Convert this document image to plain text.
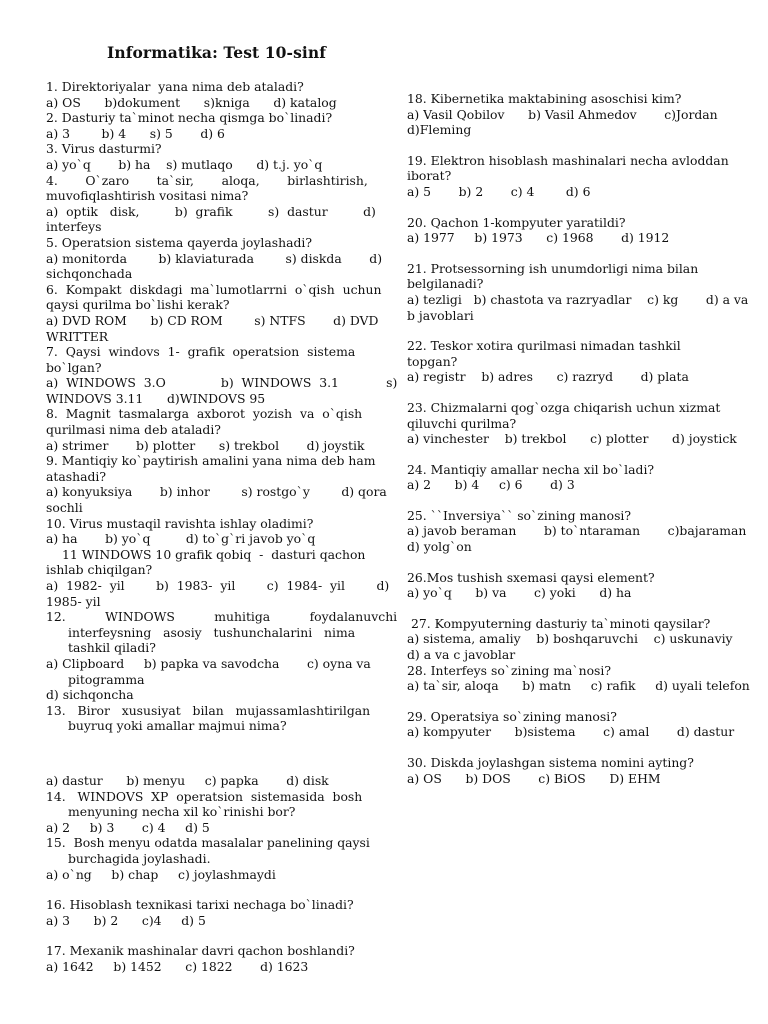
Informatika: Test 10-sinf

1. Direktoriyalar  yana nima deb ataladi?

a) OS      b)dokument      s)kniga      d) katalog

2. Dasturiy ta`minot necha qismga bo`linadi?

a) 3        b) 4      s) 5       d) 6

3. Virus dasturmi?

a) yo`q       b) ha    s) mutlaqo      d) t.j. yo`q

4.       O`zaro       ta`sir,       aloqa,       birlashtirish,

muvofiqlashtirish vositasi nima?

a)  optik   disk,         b)  grafik         s)  dastur         d)

interfeys

5. Operatsion sistema qayerda joylashadi?

a) monitorda        b) klaviaturada        s) diskda       d)

sichqonchada

6.  Kompakt  diskdagi  ma`lumotlarrni  o`qish  uchun

qaysi qurilma bo`lishi kerak?

a) DVD ROM      b) CD ROM        s) NTFS       d) DVD

WRITTER

7.  Qaysi  windovs  1-  grafik  operatsion  sistema

bo`lgan?

a)  WINDOWS  3.O              b)  WINDOWS  3.1            s)

WINDOVS 3.11      d)WINDOVS 95

8.  Magnit  tasmalarga  axborot  yozish  va  o`qish

qurilmasi nima deb ataladi?

a) strimer       b) plotter      s) trekbol       d) joystik

9. Mantiqiy ko`paytirish amalini yana nima deb ham

atashadi?

a) konyuksiya       b) inhor        s) rostgo`y        d) qora

sochli

10. Virus mustaqil ravishta ishlay oladimi?

a) ha       b) yo`q         d) to`g`ri javob yo`q

11 WINDOWS 10 grafik qobiq  -  dasturi qachon

ishlab chiqilgan?

a)  1982-  yil        b)  1983-  yil        c)  1984-  yil        d)

1985- yil

12.          WINDOWS          muhitiga          foydalanuvchi

interfeysning   asosiy   tushunchalarini   nima

tashkil qiladi?

a) Clipboard     b) papka va savodcha       c) oyna va

pitogramma

d) sichqoncha

13.   Biror   xususiyat   bilan   mujassamlashtirilgan

buyruq yoki amallar majmui nima?

a) dastur      b) menyu     c) papka       d) disk

14.   WINDOVS  XP  operatsion  sistemasida  bosh

menyuning necha xil ko`rinishi bor?

a) 2     b) 3       c) 4     d) 5

15.  Bosh menyu odatda masalalar panelining qaysi

burchagida joylashadi.

a) o`ng     b) chap     c) joylashmaydi

16. Hisoblash texnikasi tarixi nechaga bo`linadi?

a) 3      b) 2      c)4     d) 5

17. Mexanik mashinalar davri qachon boshlandi?

a) 1642     b) 1452      c) 1822       d) 1623

18. Kibernetika maktabining asoschisi kim?

a) Vasil Qobilov      b) Vasil Ahmedov       c)Jordan

d)Fleming

19. Elektron hisoblash mashinalari necha avloddan

iborat?

a) 5       b) 2       c) 4        d) 6

20. Qachon 1-kompyuter yaratildi?

a) 1977     b) 1973      c) 1968       d) 1912

21. Protsessorning ish unumdorligi nima bilan

belgilanadi?

a) tezligi   b) chastota va razryadlar    c) kg       d) a va

b javoblari

22. Teskor xotira qurilmasi nimadan tashkil

topgan?

a) registr    b) adres      c) razryd       d) plata

23. Chizmalarni qog`ozga chiqarish uchun xizmat

qiluvchi qurilma?

a) vinchester    b) trekbol      c) plotter      d) joystick

24. Mantiqiy amallar necha xil bo`ladi?

a) 2      b) 4     c) 6       d) 3

25. ``Inversiya`` so`zining manosi?

a) javob beraman       b) to`ntaraman       c)bajaraman

d) yolg`on

26.Mos tushish sxemasi qaysi element?

a) yo`q      b) va       c) yoki      d) ha

27. Kompyuterning dasturiy ta`minoti qaysilar?

a) sistema, amaliy    b) boshqaruvchi    c) uskunaviy

d) a va c javoblar

28. Interfeys so`zining ma`nosi?

a) ta`sir, aloqa      b) matn     c) rafik     d) uyali telefon

29. Operatsiya so`zining manosi?

a) kompyuter      b)sistema       c) amal       d) dastur

30. Diskda joylashgan sistema nomini ayting?

a) OS      b) DOS       c) BiOS      D) EHM
